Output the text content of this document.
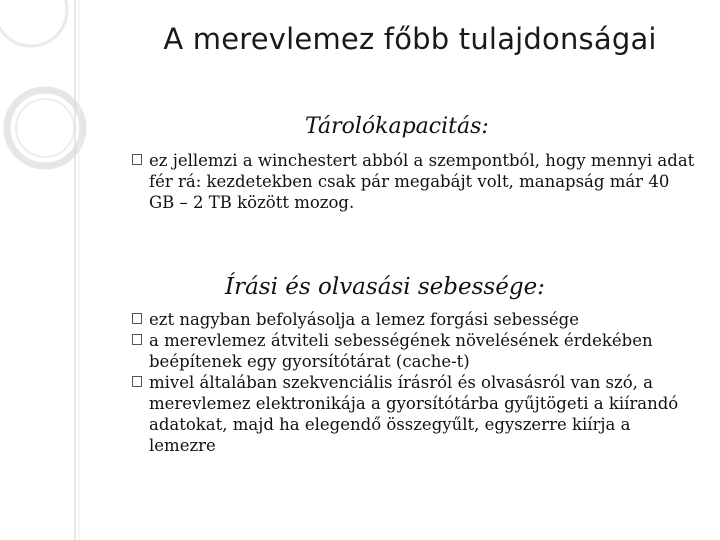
A merevlemez főbb tulajdonságai
Tárolókapacitás:
ez jellemzi a winchestert abból a szempontból, hogy mennyi adat fér rá: kezdetekben csak pár megabájt volt, manapság már 40 GB – 2 TB között mozog.
Írási és olvasási sebessége:
ezt nagyban befolyásolja a lemez forgási sebessége
a merevlemez átviteli sebességének növelésének érdekében beépítenek egy gyorsítótárat (cache-t)
mivel általában szekvenciális írásról és olvasásról van szó, a merevlemez elektronikája a gyorsítótárba gyűjtögeti a kiírandó adatokat, majd ha elegendő összegyűlt, egyszerre kiírja a lemezre
